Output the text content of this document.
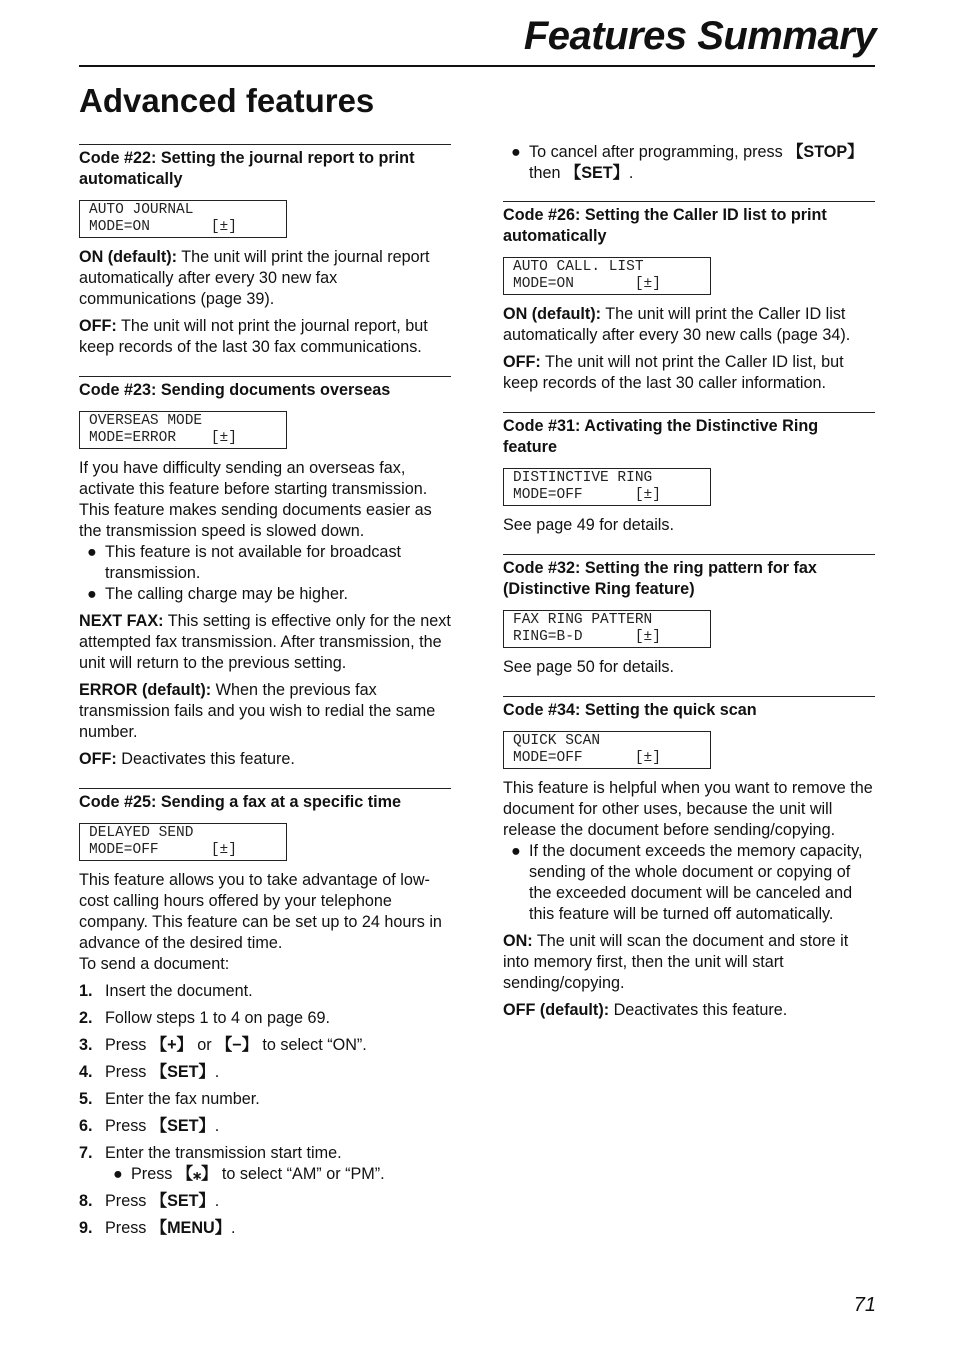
Features Summary
Advanced features
Code #22: Setting the journal report to print automatically
AUTO JOURNAL
MODE=ON       [±]

ON (default): The unit will print the journal report automatically after every 30 new fax communications (page 39).

OFF: The unit will not print the journal report, but keep records of the last 30 fax communications.

Code #23: Sending documents overseas
OVERSEAS MODE
MODE=ERROR    [±]

If you have difficulty sending an overseas fax, activate this feature before starting transmission. This feature makes sending documents easier as the transmission speed is slowed down.

● This feature is not available for broadcast transmission.

● The calling charge may be higher.

NEXT FAX: This setting is effective only for the next attempted fax transmission. After transmission, the unit will return to the previous setting.

ERROR (default): When the previous fax transmission fails and you wish to redial the same number.

OFF: Deactivates this feature.

Code #25: Sending a fax at a specific time
DELAYED SEND
MODE=OFF      [±]

This feature allows you to take advantage of low-cost calling hours offered by your telephone company. This feature can be set up to 24 hours in advance of the desired time.

To send a document:

1. Insert the document.
2. Follow steps 1 to 4 on page 69.
3. Press 【+】 or 【−】 to select “ON”.
4. Press 【SET】.
5. Enter the fax number.
6. Press 【SET】.
7. Enter the transmission start time.
● Press 【⁎】 to select “AM” or “PM”.
8. Press 【SET】.
9. Press 【MENU】.

● To cancel after programming, press 【STOP】 then 【SET】.

Code #26: Setting the Caller ID list to print automatically
AUTO CALL. LIST
MODE=ON       [±]

ON (default): The unit will print the Caller ID list automatically after every 30 new calls (page 34).

OFF: The unit will not print the Caller ID list, but keep records of the last 30 caller information.

Code #31: Activating the Distinctive Ring feature
DISTINCTIVE RING
MODE=OFF      [±]

See page 49 for details.

Code #32: Setting the ring pattern for fax (Distinctive Ring feature)
FAX RING PATTERN
RING=B-D      [±]

See page 50 for details.

Code #34: Setting the quick scan
QUICK SCAN
MODE=OFF      [±]

This feature is helpful when you want to remove the document for other uses, because the unit will release the document before sending/copying.

● If the document exceeds the memory capacity, sending of the whole document or copying of the exceeded document will be canceled and this feature will be turned off automatically.

ON: The unit will scan the document and store it into memory first, then the unit will start sending/copying.

OFF (default): Deactivates this feature.

71
